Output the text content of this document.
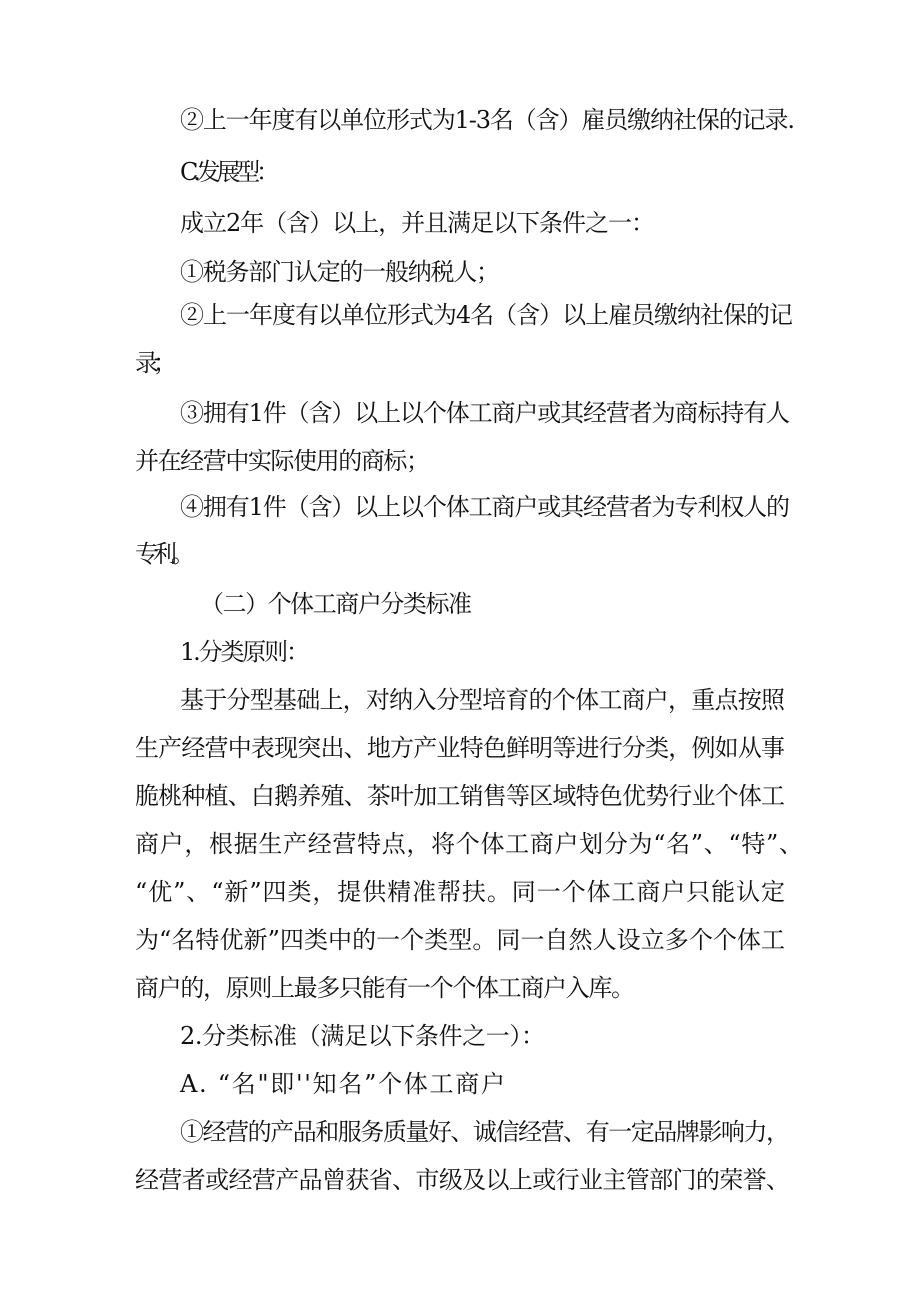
②上一年度有以单位形式为1-3名（含）雇员缴纳社保的记录.

C.发展型：

成立2年（含）以上，并且满足以下条件之一：

①税务部门认定的一般纳税人；

②上一年度有以单位形式为4名（含）以上雇员缴纳社保的记

录；

③拥有1件（含）以上以个体工商户或其经营者为商标持有人

并在经营中实际使用的商标；

④拥有1件（含）以上以个体工商户或其经营者为专利权人的

专利。

（二）个体工商户分类标准

1.分类原则：

基于分型基础上，对纳入分型培育的个体工商户，重点按照

生产经营中表现突出、地方产业特色鲜明等进行分类，例如从事

脆桃种植、白鹅养殖、茶叶加工销售等区域特色优势行业个体工

商户，根据生产经营特点，将个体工商户划分为“名”、“特”、

“优”、“新”四类，提供精准帮扶。同一个体工商户只能认定

为“名特优新”四类中的一个类型。同一自然人设立多个个体工

商户的，原则上最多只能有一个个体工商户入库。

2.分类标准（满足以下条件之一）：

A. “名"即''知名”个体工商户

①经营的产品和服务质量好、诚信经营、有一定品牌影响力，

经营者或经营产品曾获省、市级及以上或行业主管部门的荣誉、
